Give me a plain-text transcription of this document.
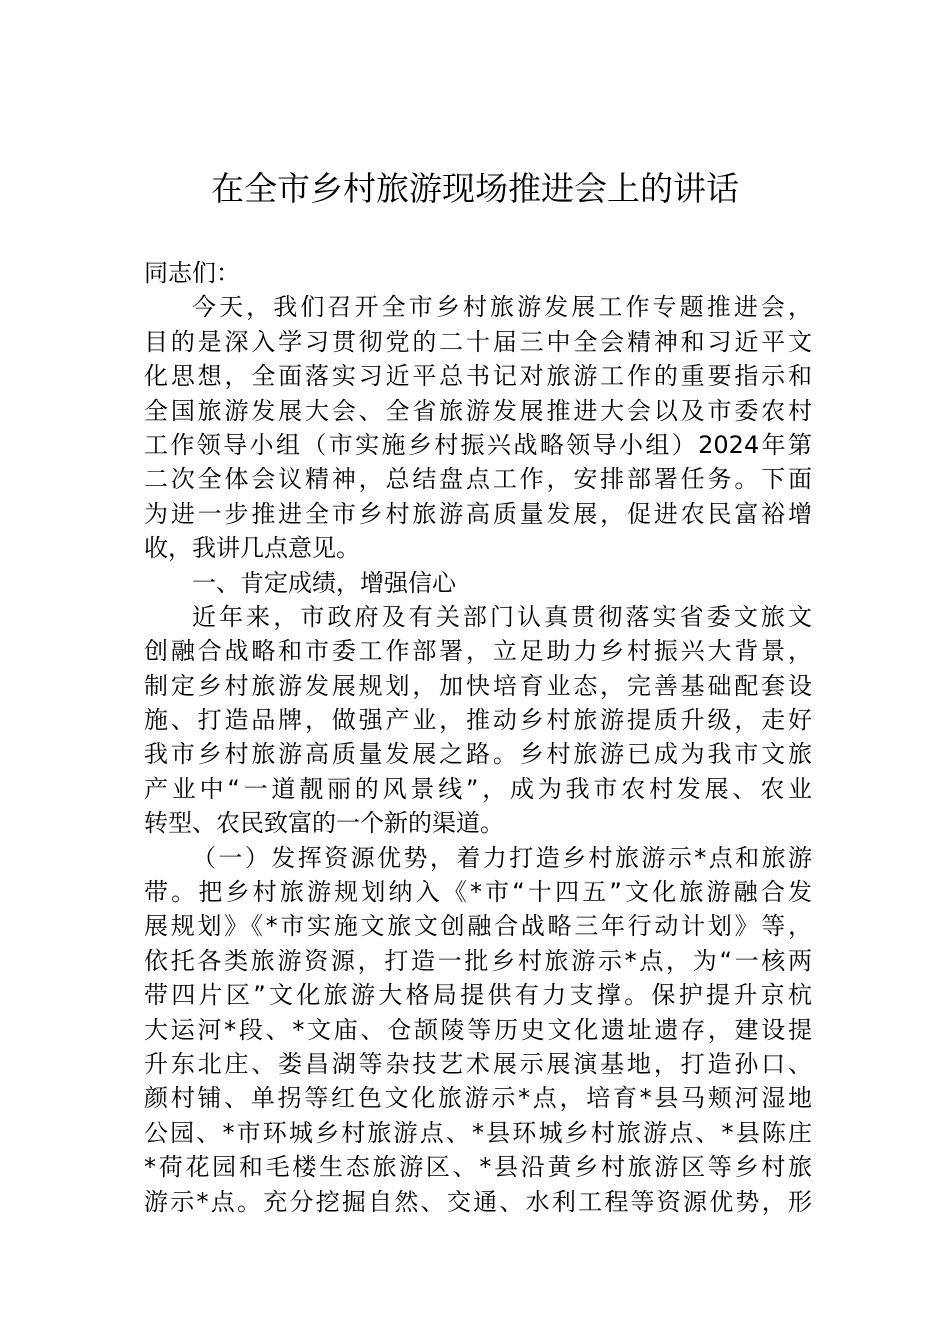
在全市乡村旅游现场推进会上的讲话
同志们：
今天，我们召开全市乡村旅游发展工作专题推进会，
目的是深入学习贯彻党的二十届三中全会精神和习近平文
化思想，全面落实习近平总书记对旅游工作的重要指示和
全国旅游发展大会、全省旅游发展推进大会以及市委农村
工作领导小组（市实施乡村振兴战略领导小组）2024年第
二次全体会议精神，总结盘点工作，安排部署任务。下面
为进一步推进全市乡村旅游高质量发展，促进农民富裕增
收，我讲几点意见。
一、肯定成绩，增强信心
近年来，市政府及有关部门认真贯彻落实省委文旅文
创融合战略和市委工作部署，立足助力乡村振兴大背景，
制定乡村旅游发展规划，加快培育业态，完善基础配套设
施、打造品牌，做强产业，推动乡村旅游提质升级，走好
我市乡村旅游高质量发展之路。乡村旅游已成为我市文旅
产业中“一道靓丽的风景线”，成为我市农村发展、农业
转型、农民致富的一个新的渠道。
（一）发挥资源优势，着力打造乡村旅游示*点和旅游
带。把乡村旅游规划纳入《*市“十四五”文化旅游融合发
展规划》《*市实施文旅文创融合战略三年行动计划》等，
依托各类旅游资源，打造一批乡村旅游示*点，为“一核两
带四片区”文化旅游大格局提供有力支撑。保护提升京杭
大运河*段、*文庙、仓颉陵等历史文化遗址遗存，建设提
升东北庄、娄昌湖等杂技艺术展示展演基地，打造孙口、
颜村铺、单拐等红色文化旅游示*点，培育*县马颊河湿地
公园、*市环城乡村旅游点、*县环城乡村旅游点、*县陈庄
*荷花园和毛楼生态旅游区、*县沿黄乡村旅游区等乡村旅
游示*点。充分挖掘自然、交通、水利工程等资源优势，形
